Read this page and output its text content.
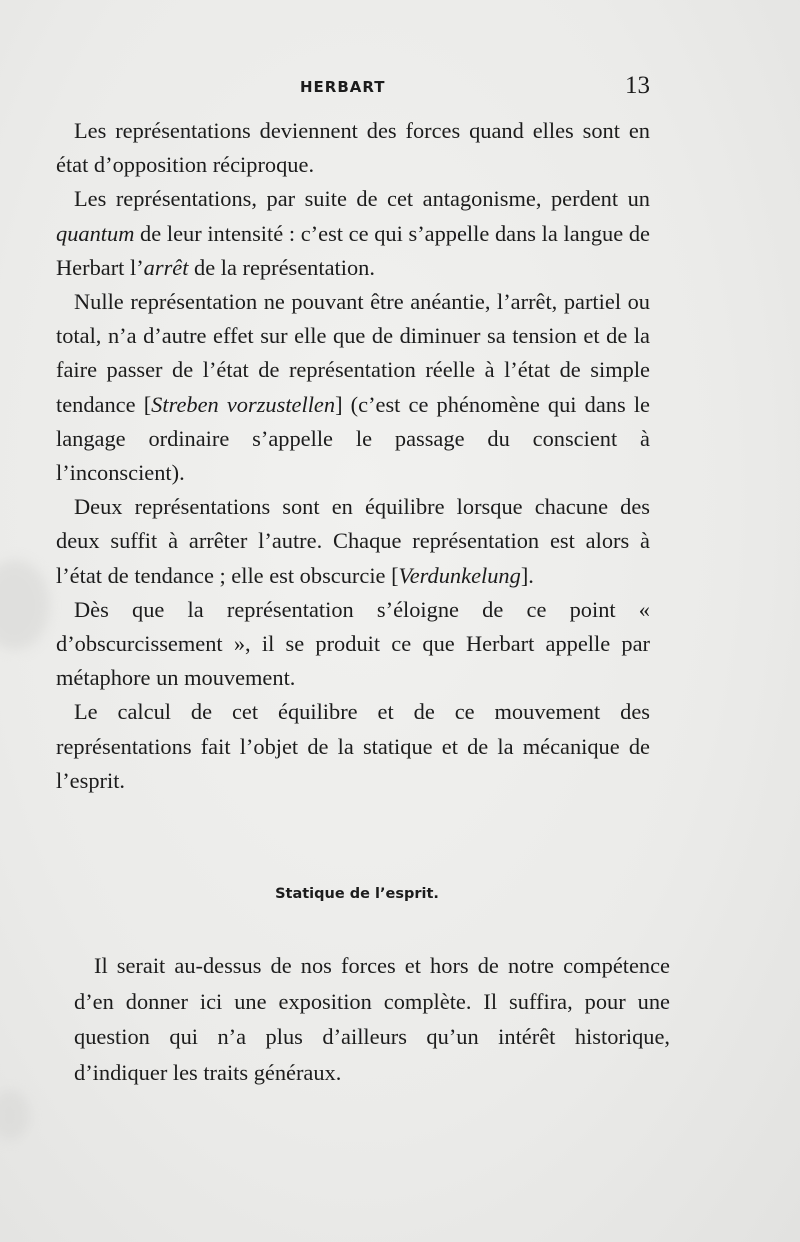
HERBART	13

Les représentations deviennent des forces quand elles sont en état d’opposition réciproque.

Les représentations, par suite de cet antagonisme, perdent un quantum de leur intensité : c’est ce qui s’appelle dans la langue de Herbart l’arrêt de la représentation.

Nulle représentation ne pouvant être anéantie, l’arrêt, partiel ou total, n’a d’autre effet sur elle que de diminuer sa tension et de la faire passer de l’état de représentation réelle à l’état de simple tendance [Streben vorzustellen] (c’est ce phénomène qui dans le langage ordinaire s’appelle le passage du conscient à l’inconscient).

Deux représentations sont en équilibre lorsque chacune des deux suffit à arrêter l’autre. Chaque représentation est alors à l’état de tendance ; elle est obscurcie [Verdunkelung].

Dès que la représentation s’éloigne de ce point « d’obscurcissement », il se produit ce que Herbart appelle par métaphore un mouvement.

Le calcul de cet équilibre et de ce mouvement des représentations fait l’objet de la statique et de la mécanique de l’esprit.

Statique de l’esprit.

Il serait au-dessus de nos forces et hors de notre compétence d’en donner ici une exposition complète. Il suffira, pour une question qui n’a plus d’ailleurs qu’un intérêt historique, d’indiquer les traits généraux.
